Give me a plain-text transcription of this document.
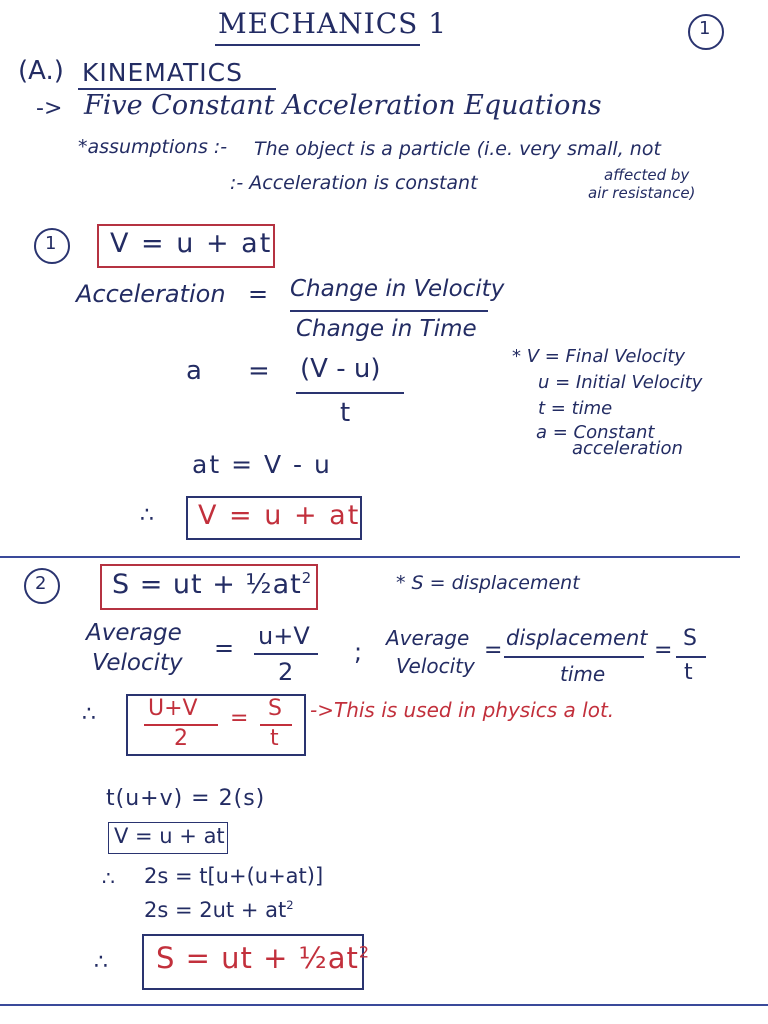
MECHANICS 1	1
(A.) KINEMATICS
-> Five Constant Acceleration Equations
*assumptions :- The object is a particle (i.e. very small, not
:- Acceleration is constant	affected by
air resistance)
1 V = u + at
Acceleration = Change in Velocity
Change in Time
a = (V - u)
t
* V = Final Velocity
u = Initial Velocity
t = time
a = Constant
acceleration
at = V - u
∴ V = u + at
2 S = ut + $\frac{1}{2}at^2$	* S = displacement
Average
Velocity
= u+V
2
; Average
Velocity
= displacement
time
= S
t
∴ U+V
2
= S
t
->This is used in physics a lot.
t(u+v) = 2(s)
V = u + at
∴ 2s = t[u+(u+at)]
$2s = 2ut + at^2$
∴ S = ut + $\frac{1}{2}at^2$
